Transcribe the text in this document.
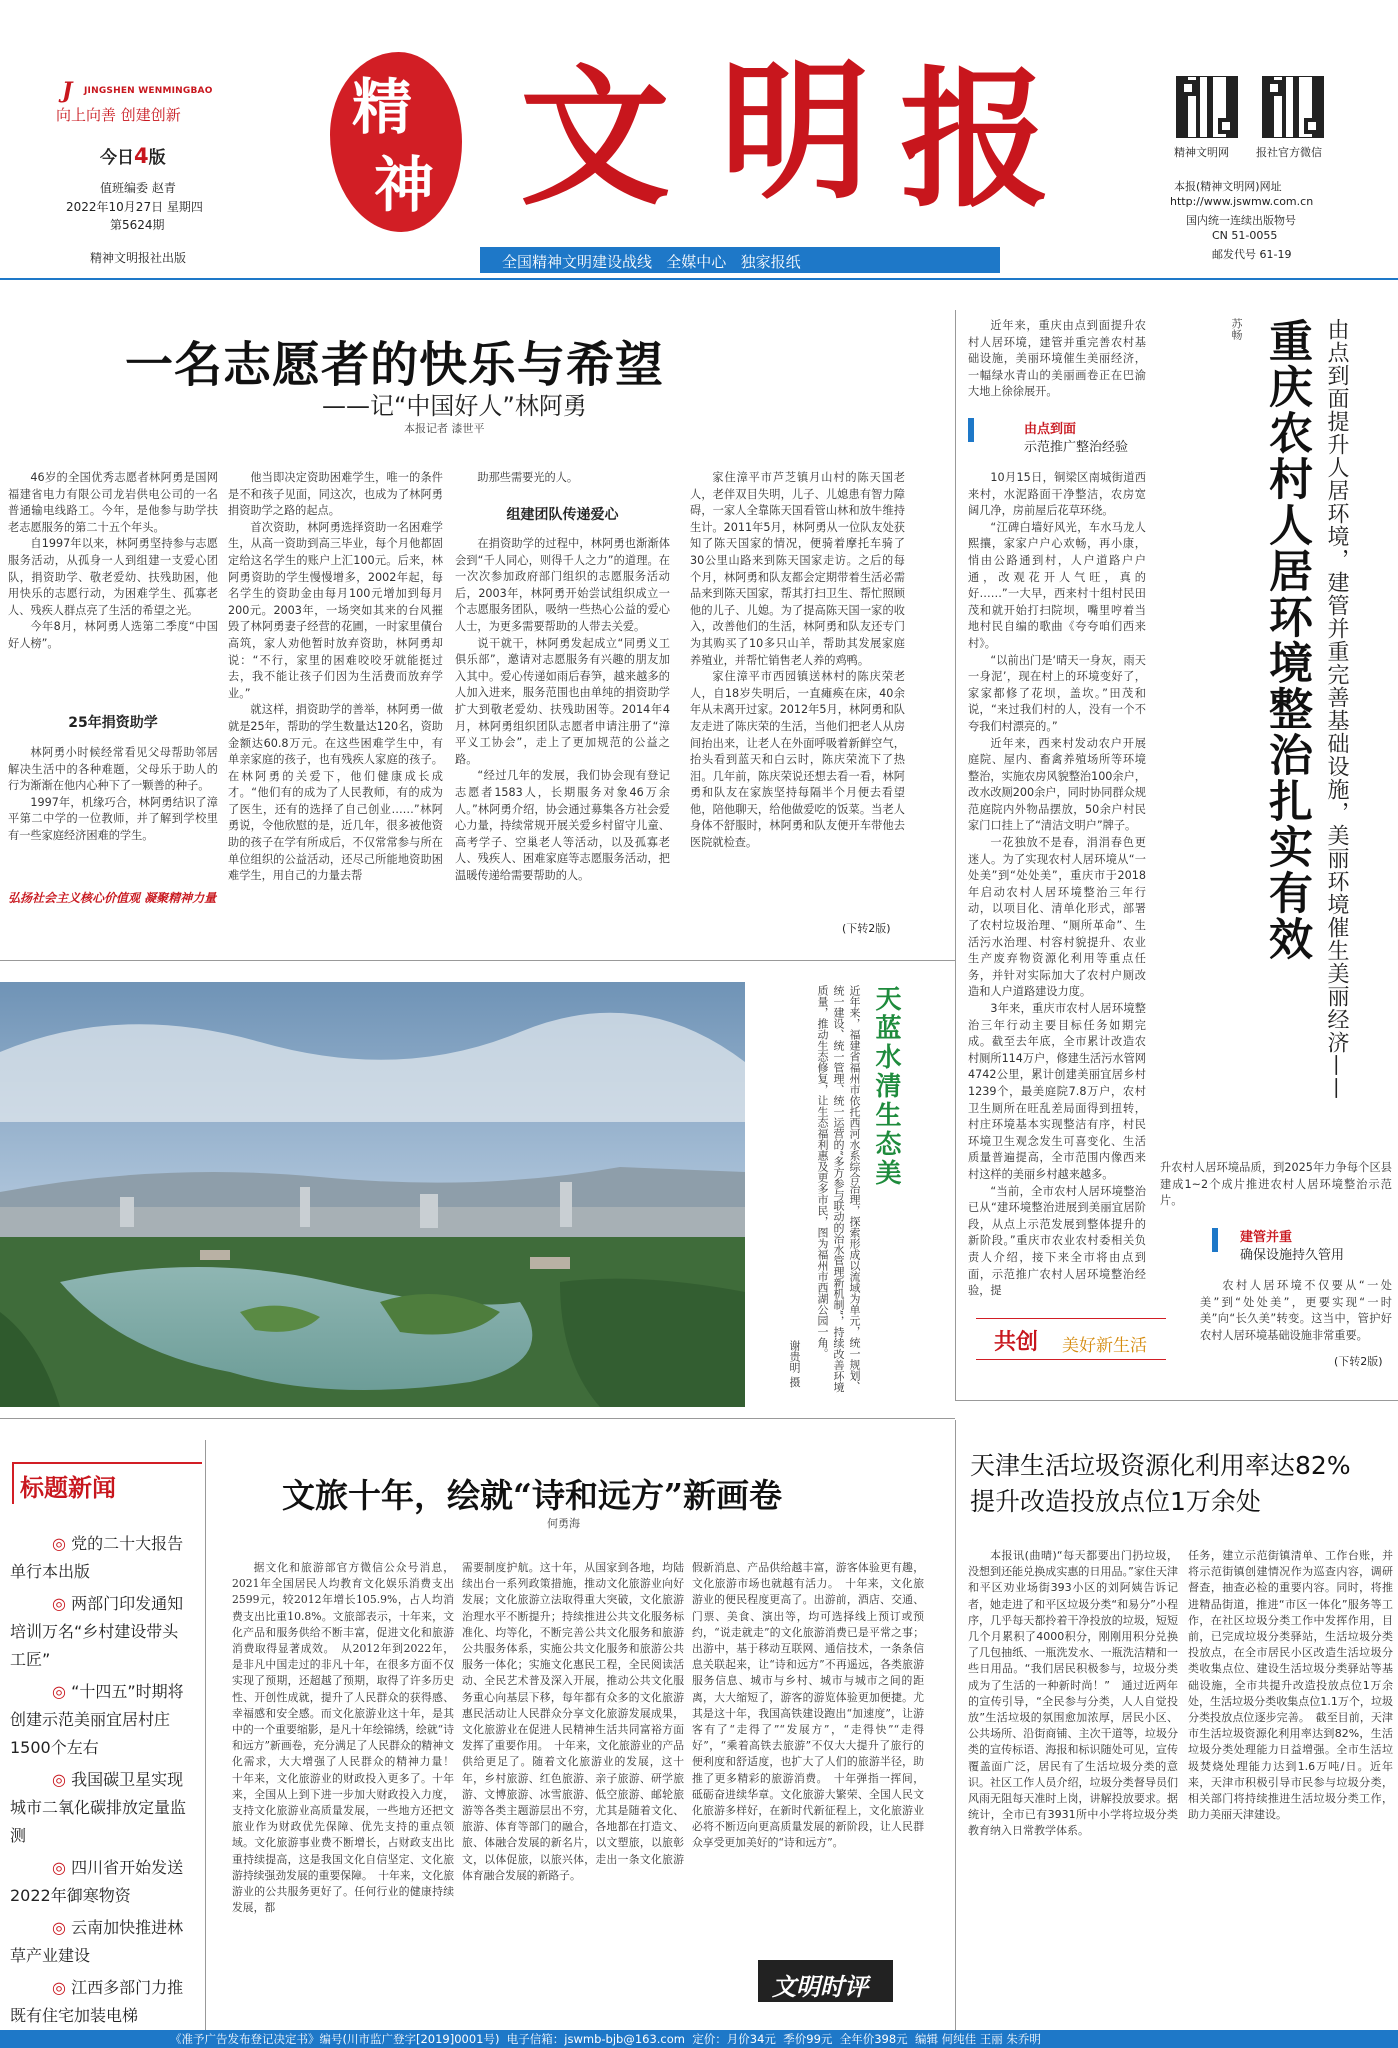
J JINGSHEN WENMINGBAO
向上向善 创建创新
今日4版
值班编委 赵青
2022年10月27日 星期四
第5624期
精神文明报社出版
精
神 文 明 报
全国精神文明建设战线   全媒中心   独家报纸
精神文明网 报社官方微信
本报(精神文明网)网址
http://www.jswmw.com.cn
国内统一连续出版物号
CN 51-0055
邮发代号 61-19
一名志愿者的快乐与希望
——记“中国好人”林阿勇
本报记者 漆世平

46岁的全国优秀志愿者林阿勇是国网福建省电力有限公司龙岩供电公司的一名普通输电线路工。今年，是他参与助学扶老志愿服务的第二十五个年头。

自1997年以来，林阿勇坚持参与志愿服务活动，从孤身一人到组建一支爱心团队，捐资助学、敬老爱幼、扶残助困，他用快乐的志愿行动，为困难学生、孤寡老人、残疾人群点亮了生活的希望之光。

今年8月，林阿勇人选第二季度“中国好人榜”。

25年捐资助学

林阿勇小时候经常看见父母帮助邻居解决生活中的各种难题，父母乐于助人的行为渐渐在他内心种下了一颗善的种子。

1997年，机缘巧合，林阿勇结识了漳平第二中学的一位教师，并了解到学校里有一些家庭经济困难的学生。

弘扬社会主义核心价值观 凝聚精神力量

他当即决定资助困难学生，唯一的条件是不和孩子见面，同这次，也成为了林阿勇捐资助学之路的起点。

首次资助，林阿勇选择资助一名困难学生，从高一资助到高三毕业，每个月他都固定给这名学生的账户上汇100元。后来，林阿勇资助的学生慢慢增多，2002年起，每名学生的资助金由每月100元增加到每月200元。2003年，一场突如其来的台风摧毁了林阿勇妻子经营的花圃，一时家里債台高筑，家人劝他暂时放弃资助，林阿勇却说：“不行，家里的困难咬咬牙就能挺过去，我不能让孩子们因为生活费而放弃学业。”

就这样，捐资助学的善举，林阿勇一做就是25年，帮助的学生数量达120名，资助金额达60.8万元。在这些困难学生中，有单亲家庭的孩子，也有残疾人家庭的孩子。在林阿勇的关爱下，他们健康成长成才。“他们有的成为了人民教师，有的成为了医生，还有的选择了自己创业……”林阿勇说，令他欣慰的是，近几年，很多被他资助的孩子在学有所成后，不仅常常参与所在单位组织的公益活动，还尽己所能地资助困难学生，用自己的力量去帮

助那些需要光的人。

组建团队传递爱心

在捐资助学的过程中，林阿勇也渐渐体会到“千人同心，则得千人之力”的道理。在一次次参加政府部门组织的志愿服务活动后，2003年，林阿勇开始尝试组织成立一个志愿服务团队，吸纳一些热心公益的爱心人士，为更多需要帮助的人带去关爱。

说干就干，林阿勇发起成立“同勇义工俱乐部”，邀请对志愿服务有兴趣的朋友加入其中。爱心传递如雨后春笋，越来越多的人加入进来，服务范围也由单纯的捐资助学扩大到敬老爱幼、扶残助困等。2014年4月，林阿勇组织团队志愿者申请注册了“漳平义工协会”，走上了更加规范的公益之路。

“经过几年的发展，我们协会现有登记志愿者1583人，长期服务对象46万余人。”林阿勇介绍，协会通过募集各方社会爱心力量，持续常规开展关爱乡村留守儿童、高考学子、空巢老人等活动，以及孤寡老人、残疾人、困难家庭等志愿服务活动，把温暖传递给需要帮助的人。

家住漳平市芦芝镇月山村的陈天国老人，老伴双目失明，儿子、儿媳患有智力障碍，一家人全靠陈天国看管山林和放牛维持生计。2011年5月，林阿勇从一位队友处获知了陈天国家的情况，便骑着摩托车骑了30公里山路来到陈天国家走访。之后的每个月，林阿勇和队友都会定期带着生活必需品来到陈天国家，帮其打扫卫生、帮忙照顾他的儿子、儿媳。为了提高陈天国一家的收入，改善他们的生活，林阿勇和队友还专门为其购买了10多只山羊，帮助其发展家庭养殖业，并帮忙销售老人养的鸡鸭。

家住漳平市西园镇送林村的陈庆荣老人，自18岁失明后，一直瘫痪在床，40余年从未离开过家。2012年5月，林阿勇和队友走进了陈庆荣的生活，当他们把老人从房间抬出来，让老人在外面呼吸着新鲜空气，抬头看到蓝天和白云时，陈庆荣流下了热泪。几年前，陈庆荣说还想去看一看，林阿勇和队友在家族坚持每隔半个月便去看望他，陪他聊天，给他做爱吃的饭菜。当老人身体不舒服时，林阿勇和队友便开车带他去医院就检查。

(下转2版)
天蓝水清生态美
近年来，福建省福州市依托西河水系综合治理，探索形成以流域为单元，统一规划、统一建设、统一管理、统一运营的“多方参与联动的治水管理新机制”，持续改善环境质量，推动生态修复，让生态福利惠及更多市民，图为福州市西湖公园一角。
谢贵明 摄

近年来，重庆由点到面提升农村人居环境，建管并重完善农村基础设施，美丽环境催生美丽经济，一幅绿水青山的美丽画卷正在巴渝大地上徐徐展开。

由点到面
示范推广整治经验

10月15日，铜梁区南城街道西来村，水泥路面干净整洁，农房宽阔几净，房前屋后花草环绕。

“江碑白墙好风光，车水马龙人熙攘，家家户户心欢畅，再小康，悄由公路通到村，人户道路户户通，改观花开人气旺，真的好……”一大早，西来村十组村民田茂和就开始打扫院坝，嘴里哼着当地村民自编的歌曲《夸夸咱们西来村》。

“以前出门是‘晴天一身灰，雨天一身泥’，现在村上的环境变好了，家家都修了花坝，盖坎。”田茂和说，“来过我们村的人，没有一个不夸我们村漂亮的。”

近年来，西来村发动农户开展庭院、屋内、畜禽养殖场所等环境整治，实施农房风貌整治100余户，改水改厕200余户，同时协同群众规范庭院内外物品摆放，50余户村民家门口挂上了“清洁文明户”牌子。

一花独放不是春，涓涓春色更迷人。为了实现农村人居环境从“一处美”到“处处美”，重庆市于2018年启动农村人居环境整治三年行动，以项目化、清单化形式，部署了农村垃圾治理、“厕所革命”、生活污水治理、村容村貌提升、农业生产废弃物资源化利用等重点任务，并针对实际加大了农村户厕改造和人户道路建设力度。

3年来，重庆市农村人居环境整治三年行动主要目标任务如期完成。截至去年底，全市累计改造农村厕所114万户，修建生活污水管网4742公里，累计创建美丽宜居乡村1239个，最美庭院7.8万户，农村卫生厕所在旺乱差局面得到扭转，村庄环境基本实现整洁有序，村民环境卫生观念发生可喜变化、生活质量普遍提高，全市范围内像西来村这样的美丽乡村越来越多。

“当前，全市农村人居环境整治已从“建环境整治进展到美丽宜居阶段，从点上示范发展到整体提升的新阶段。”重庆市农业农村委相关负责人介绍，接下来全市将由点到面，示范推广农村人居环境整治经验，提

苏畅 重庆农村人居环境整治扎实有效 由点到面提升人居环境，建管并重完善基础设施，美丽环境催生美丽经济——

升农村人居环境品质，到2025年力争每个区县建成1~2个成片推进农村人居环境整治示范片。

建管并重
确保设施持久管用

农村人居环境不仅要从“一处美”到“处处美”，更要实现“一时美”向“长久美”转变。这当中，管护好农村人居环境基础设施非常重要。

(下转2版)
共创 美好新生活
标题新闻
◎ 党的二十大报告单行本出版
◎ 两部门印发通知 培训万名“乡村建设带头工匠”
◎ “十四五”时期将创建示范美丽宜居村庄1500个左右
◎ 我国碳卫星实现城市二氧化碳排放定量监测
◎ 四川省开始发送2022年御寒物资
◎ 云南加快推进林草产业建设
◎ 江西多部门力推既有住宅加装电梯
文旅十年，绘就“诗和远方”新画卷
何勇海

据文化和旅游部官方微信公众号消息，2021年全国居民人均教育文化娱乐消费支出2599元，较2012年增长105.9%，占人均消费支出比重10.8%。文旅部表示，十年来，文化产品和服务供给不断丰富，促进文化和旅游消费取得显著成效。　从2012年到2022年，是非凡中国走过的非凡十年，在很多方面不仅实现了预期，还超越了预期，取得了许多历史性、开创性成就，提升了人民群众的获得感、幸福感和安全感。而文化旅游业这十年，是其中的一个重要缩影，是凡十年绘锦绣，绘就“诗和远方”新画卷，充分满足了人民群众的精神文化需求，大大增强了人民群众的精神力量！　十年来，文化旅游业的财政投入更多了。十年来，全国从上到下进一步加大财政投入力度，支持文化旅游业高质量发展，一些地方还把文旅业作为财政优先保障、优先支持的重点领域。文化旅游事业费不断增长，占财政支出比重持续提高，这是我国文化自信坚定、文化旅游持续强劲发展的重要保障。　十年来，文化旅游业的公共服务更好了。任何行业的健康持续发展，都

需要制度护航。这十年，从国家到各地，均陆续出台一系列政策措施，推动文化旅游业向好发展；文化旅游立法取得重大突破，文化旅游治理水平不断提升；持续推进公共文化服务标准化、均等化，不断完善公共文化服务和旅游公共服务体系，实施公共文化服务和旅游公共服务一体化；实施文化惠民工程，全民阅读活动、全民艺术普及深入开展，推动公共文化服务重心向基层下移，每年都有众多的文化旅游惠民活动让人民群众分享文化旅游发展成果，文化旅游业在促进人民精神生活共同富裕方面发挥了重要作用。　十年来，文化旅游业的产品供给更足了。随着文化旅游业的发展，这十年，乡村旅游、红色旅游、亲子旅游、研学旅游、文博旅游、冰雪旅游、低空旅游、邮轮旅游等各类主题游层出不穷，尤其是随着文化、旅游、体育等部门的融合，各地都在打造文、旅、体融合发展的新名片，以文塑旅，以旅彰文，以体促旅，以旅兴体，走出一条文化旅游体育融合发展的新路子。

假新消息、产品供给越丰富，游客体验更有趣，文化旅游市场也就越有活力。　十年来，文化旅游业的便民程度更高了。出游前，酒店、交通、门票、美食、演出等，均可选择线上预订或预约，“说走就走”的文化旅游消费已是平常之事；出游中，基于移动互联网、通信技术，一条条信息关联起来，让“诗和远方”不再遥远，各类旅游服务信息、城市与乡村、城市与城市之间的距离，大大缩短了，游客的游览体验更加便捷。尤其是这十年，我国高铁建设跑出“加速度”，让游客有了“走得了”“发展方”，“走得快”“走得好”，“乘着高铁去旅游”不仅大大提升了旅行的便利度和舒适度，也扩大了人们的旅游半径，助推了更多精彩的旅游消费。　十年弹指一挥间，砥砺奋进续华章。文化旅游大繁荣、全国人民文化旅游多样好，在新时代新征程上，文化旅游业必将不断迈向更高质量发展的新阶段，让人民群众享受更加美好的“诗和远方”。

文明时评
天津生活垃圾资源化利用率达82%
提升改造投放点位1万余处

本报讯(曲晴)“每天都要出门扔垃圾，没想到还能兑换成实惠的日用品。”家住天津和平区劝业场街393小区的刘阿姨告诉记者，她走进了和平区垃圾分类“和易分”小程序，几乎每天都拎着干净投放的垃圾，短短几个月累积了4000积分，刚刚用积分兑换了几包抽纸、一瓶洗发水、一瓶洗洁精和一些日用品。“我们居民积极参与，垃圾分类成为了生活的一种新时尚！”　通过近两年的宣传引导，“全民参与分类，人人自觉投放”生活垃圾的氛围愈加浓厚，居民小区、公共场所、沿街商铺、主次干道等，垃圾分类的宣传标语、海报和标识随处可见，宣传覆盖面广泛，居民有了生活垃圾分类的意识。社区工作人员介绍，垃圾分类督导员们风雨无阻每天准时上岗，讲解投放要求。据统计，全市已有3931所中小学将垃圾分类教育纳入日常教学体系。

任务，建立示范街镇清单、工作台账，并将示范街镇创建情况作为巡查内容，调研督查，抽查必检的重要内容。同时，将推进精品街道，推进“市区一体化”服务等工作，在社区垃圾分类工作中发挥作用，目前，已完成垃圾分类驿站，生活垃圾分类投放点，在全市居民小区改造生活垃圾分类收集点位、建设生活垃圾分类驿站等基础设施，全市共提升改造投放点位1万余处，生活垃圾分类收集点位1.1万个，垃圾分类投放点位逐步完善。　截至目前，天津市生活垃圾资源化利用率达到82%，生活垃圾分类处理能力日益增强。全市生活垃圾焚烧处理能力达到1.6万吨/日。近年来，天津市积极引导市民参与垃圾分类，相关部门将持续推进生活垃圾分类工作，助力美丽天津建设。

《准予广告发布登记决定书》编号(川市监广登字[2019]0001号)  电子信箱：jswmb-bjb@163.com  定价：月价34元  季价99元  全年价398元  编辑 何纯佳 王丽 朱乔明
